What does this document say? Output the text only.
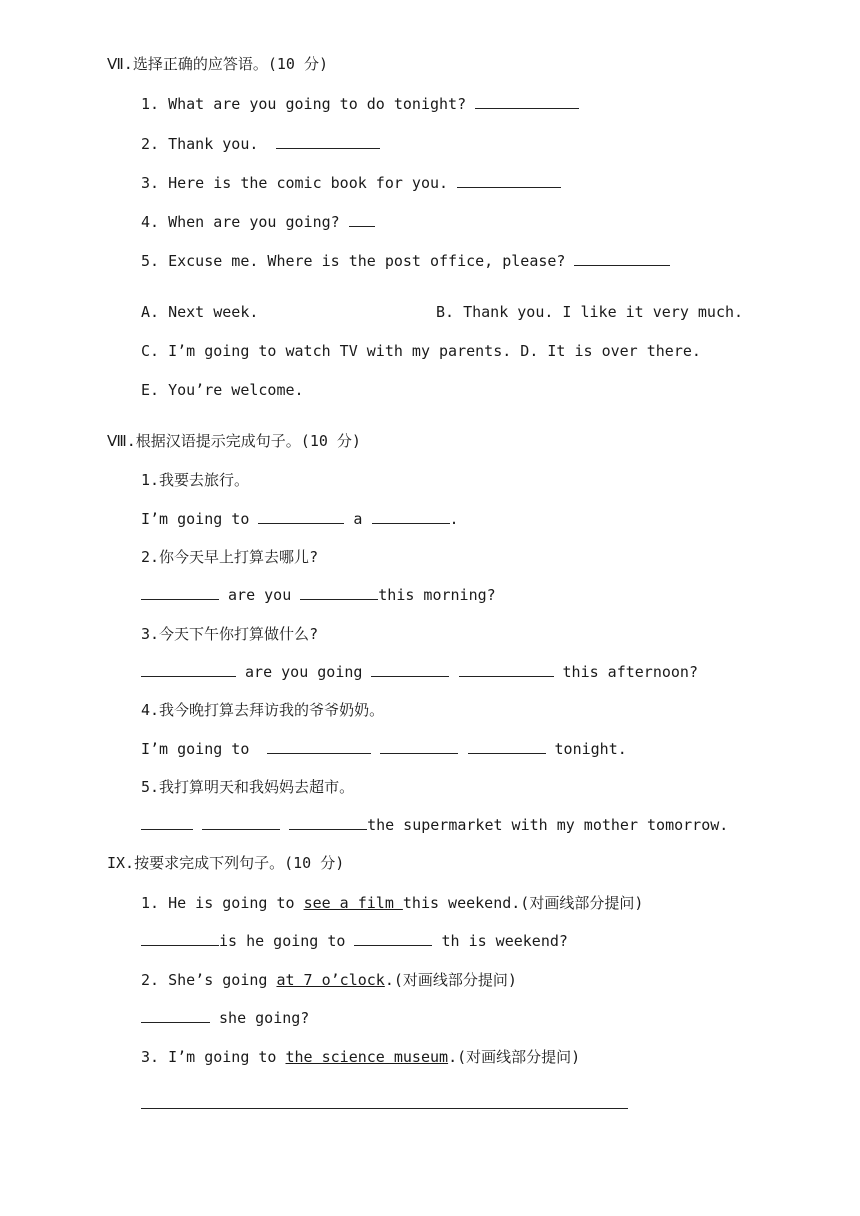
Ⅶ.选择正确的应答语。(10 分)
1. What are you going to do tonight?
2. Thank you.
3. Here is the comic book for you.
4. When are you going?
5. Excuse me. Where is the post office, please?
A. Next week.	B. Thank you. I like it very much.
C. I’m going to watch TV with my parents. D. It is over there.
E. You’re welcome.
Ⅷ.根据汉语提示完成句子。(10 分)
1.我要去旅行。
I’m going to	a	.
2.你今天早上打算去哪儿?
are you	this morning?
3.今天下午你打算做什么?
are you going	this afternoon?
4.我今晚打算去拜访我的爷爷奶奶。
I’m going to	tonight.
5.我打算明天和我妈妈去超市。
the supermarket with my mother tomorrow.
IX.按要求完成下列句子。(10 分)
1. He is going to see a film this weekend.(对画线部分提问)
is he going to	th is weekend?
2. She’s going at 7 o’clock.(对画线部分提问)
she going?
3. I’m going to the science museum.(对画线部分提问)
